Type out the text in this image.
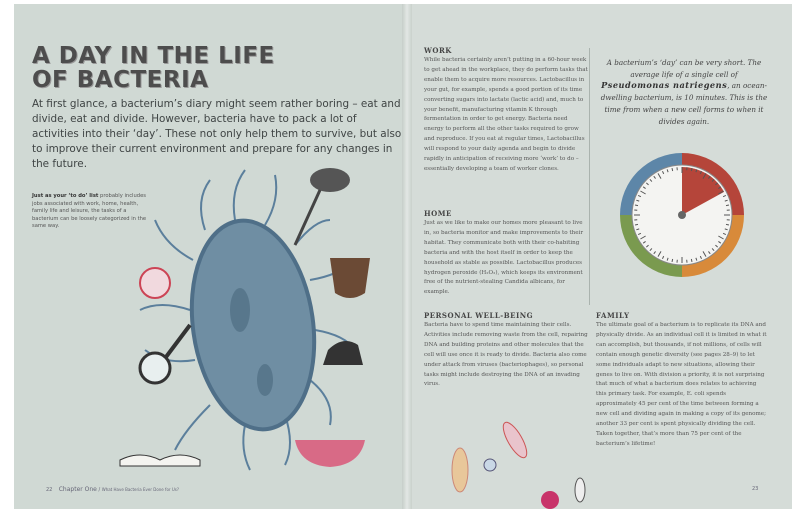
A DAY IN THE LIFE
OF BACTERIA

At first glance, a bacterium’s diary might seem rather boring – eat and divide, eat and divide. However, bacteria have to pack a lot of activities into their ‘day’. These not only help them to survive, but also to improve their current environment and prepare for any changes in the future.

Just as your ‘to do’ list probably includes jobs associated with work, home, health, family life and leisure, the tasks of a bacterium can be loosely categorized in the same way.

22 Chapter One / What Have Bacteria Ever Done for Us?	23
WORK

While bacteria certainly aren’t putting in a 60-hour week to get ahead in the workplace, they do perform tasks that enable them to acquire more resources. Lactobacillus in your gut, for example, spends a good portion of its time converting sugars into lactate (lactic acid) and, much to your benefit, manufacturing vitamin K through fermentation in order to get energy. Bacteria need energy to perform all the other tasks required to grow and reproduce. If you eat at regular times, Lactobacillus will respond to your daily agenda and begin to divide rapidly in anticipation of receiving more ‘work’ to do – essentially developing a team of worker clones.

HOME

Just as we like to make our homes more pleasant to live in, so bacteria monitor and make improvements to their habitat. They communicate both with their co-habiting bacteria and with the host itself in order to keep the household as stable as possible. Lactobacillus produces hydrogen peroxide (H₂O₂), which keeps its environment free of the nutrient-stealing Candida albicans, for example.

PERSONAL WELL-BEING

Bacteria have to spend time maintaining their cells. Activities include removing waste from the cell, repairing DNA and building proteins and other molecules that the cell will use once it is ready to divide. Bacteria also come under attack from viruses (bacteriophages), so personal tasks might include destroying the DNA of an invading virus.

FAMILY

The ultimate goal of a bacterium is to replicate its DNA and physically divide. As an individual cell it is limited in what it can accomplish, but thousands, if not millions, of cells will contain enough genetic diversity (see pages 28–9) to let some individuals adapt to new situations, allowing their genes to live on. With division a priority, it is not surprising that much of what a bacterium does relates to achieving this primary task. For example, E. coli spends approximately 45 per cent of the time between forming a new cell and dividing again in making a copy of its genome; another 33 per cent is spent physically dividing the cell. Taken together, that’s more than 75 per cent of the bacterium’s lifetime!

A bacterium’s ‘day’ can be very short. The average life of a single cell of Pseudomonas natriegens, an ocean-dwelling bacterium, is 10 minutes. This is the time from when a new cell forms to when it divides again.
